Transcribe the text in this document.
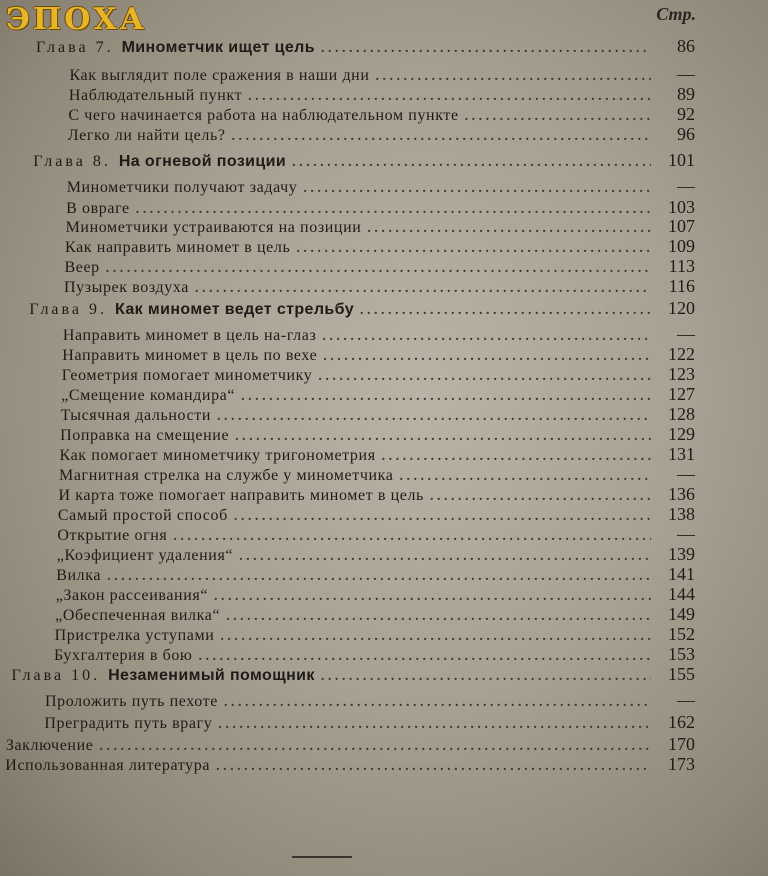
ЭПОХА	Стр.
Глава 7. Минометчик ищет цель . . .	86
Как выглядит поле сражения в наши дни . . .	—
Наблюдательный пункт . . .	89
С чего начинается работа на наблюдательном пункте . . .	92
Легко ли найти цель? . . .	96
Глава 8. На огневой позиции . . .	101
Минометчики получают задачу . . .	—
В овраге . . .	103
Минометчики устраиваются на позиции . . .	107
Как направить миномет в цель . . .	109
Веер . . .	113
Пузырек воздуха . . .	116
Глава 9. Как миномет ведет стрельбу . . .	120
Направить миномет в цель на-глаз . . .	—
Направить миномет в цель по вехе . . .	122
Геометрия помогает минометчику . . .	123
„Смещение командира“ . . .	127
Тысячная дальности . . .	128
Поправка на смещение . . .	129
Как помогает минометчику тригонометрия . . .	131
Магнитная стрелка на службе у минометчика . . .	—
И карта тоже помогает направить миномет в цель . . .	136
Самый простой способ . . .	138
Открытие огня . . .	—
„Коэфициент удаления“ . . .	139
Вилка . . .	141
„Закон рассеивания“ . . .	144
„Обеспеченная вилка“ . . .	149
Пристрелка уступами . . .	152
Бухгалтерия в бою . . .	153
Глава 10. Незаменимый помощник . . .	155
Проложить путь пехоте . . .	—
Преградить путь врагу . . .	162
Заключение . . .	170
Использованная литература . . .	173
